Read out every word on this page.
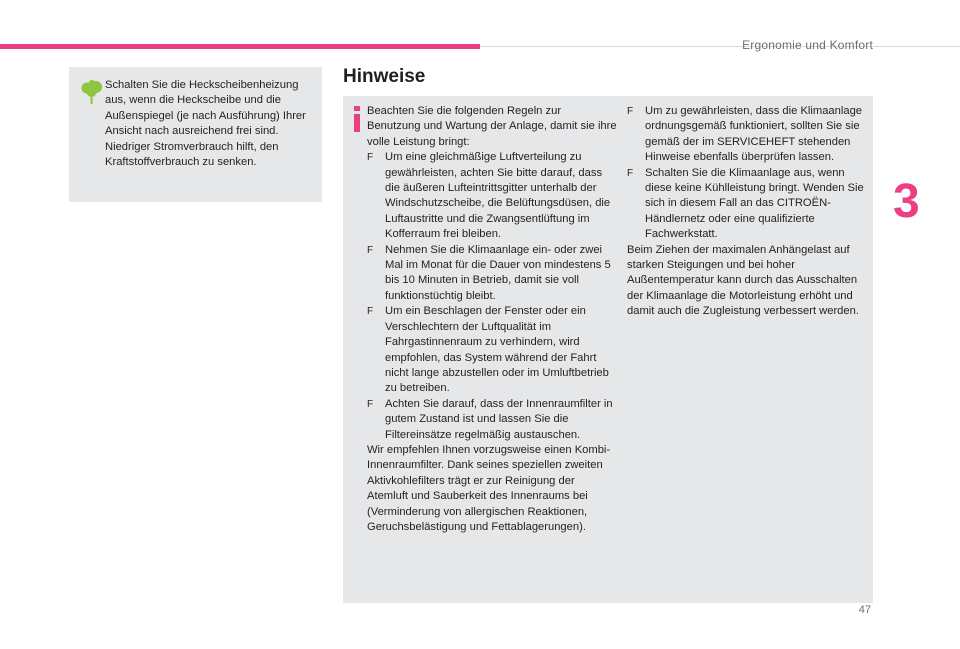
Ergonomie und Komfort
3
47
Schalten Sie die Heckscheibenheizung aus, wenn die Heckscheibe und die Außenspiegel (je nach Ausführung) Ihrer Ansicht nach ausreichend frei sind.
Niedriger Stromverbrauch hilft, den Kraftstoffverbrauch zu senken.
Hinweise

Beachten Sie die folgenden Regeln zur Benutzung und Wartung der Anlage, damit sie ihre volle Leistung bringt:

F Um eine gleichmäßige Luftverteilung zu gewährleisten, achten Sie bitte darauf, dass die äußeren Lufteintrittsgitter unterhalb der Windschutzscheibe, die Belüftungsdüsen, die Luftaustritte und die Zwangsentlüftung im Kofferraum frei bleiben.
F Nehmen Sie die Klimaanlage ein- oder zwei Mal im Monat für die Dauer von mindestens 5 bis 10 Minuten in Betrieb, damit sie voll funktionstüchtig bleibt.
F Um ein Beschlagen der Fenster oder ein Verschlechtern der Luftqualität im Fahrgastinnenraum zu verhindern, wird empfohlen, das System während der Fahrt nicht lange abzustellen oder im Umluftbetrieb zu betreiben.
F Achten Sie darauf, dass der Innenraumfilter in gutem Zustand ist und lassen Sie die Filtereinsätze regelmäßig austauschen.

Wir empfehlen Ihnen vorzugsweise einen Kombi-Innenraumfilter. Dank seines speziellen zweiten Aktivkohlefilters trägt er zur Reinigung der Atemluft und Sauberkeit des Innenraums bei (Verminderung von allergischen Reaktionen, Geruchsbelästigung und Fettablagerungen).

F Um zu gewährleisten, dass die Klimaanlage ordnungsgemäß funktioniert, sollten Sie sie gemäß der im SERVICEHEFT stehenden Hinweise ebenfalls überprüfen lassen.
F Schalten Sie die Klimaanlage aus, wenn diese keine Kühlleistung bringt. Wenden Sie sich in diesem Fall an das CITROËN-Händlernetz oder eine qualifizierte Fachwerkstatt.

Beim Ziehen der maximalen Anhängelast auf starken Steigungen und bei hoher Außentemperatur kann durch das Ausschalten der Klimaanlage die Motorleistung erhöht und damit auch die Zugleistung verbessert werden.
